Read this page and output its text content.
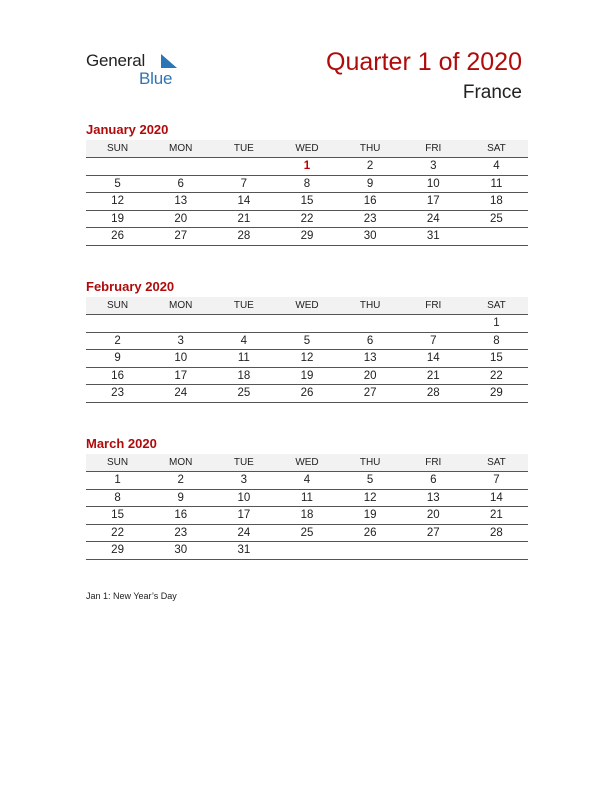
General
Blue
Quarter 1 of 2020
France
January 2020
SUN	MON	TUE	WED	THU	FRI	SAT
			1	2	3	4
5	6	7	8	9	10	11
12	13	14	15	16	17	18
19	20	21	22	23	24	25
26	27	28	29	30	31	
February 2020
SUN	MON	TUE	WED	THU	FRI	SAT
						1
2	3	4	5	6	7	8
9	10	11	12	13	14	15
16	17	18	19	20	21	22
23	24	25	26	27	28	29
March 2020
SUN	MON	TUE	WED	THU	FRI	SAT
1	2	3	4	5	6	7
8	9	10	11	12	13	14
15	16	17	18	19	20	21
22	23	24	25	26	27	28
29	30	31				
Jan 1: New Year’s Day
